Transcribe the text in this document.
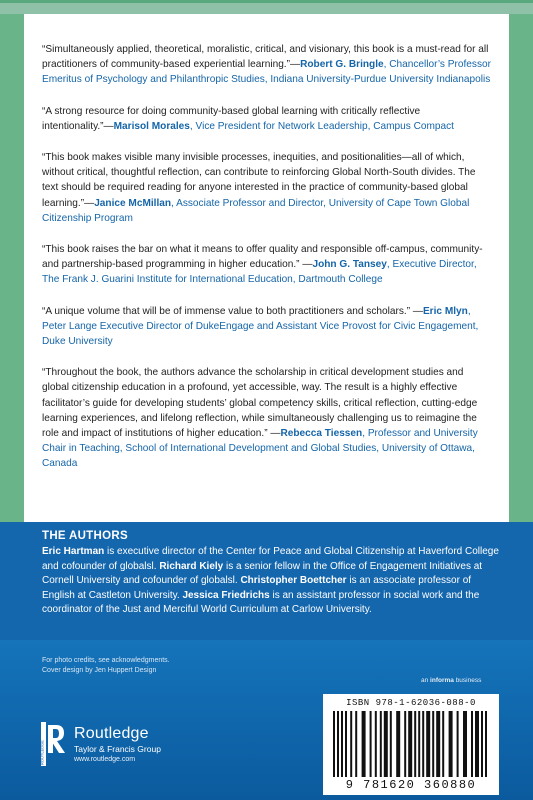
“Simultaneously applied, theoretical, moralistic, critical, and visionary, this book is a must-read for all practitioners of community-based experiential learning.”—Robert G. Bringle, Chancellor’s Professor Emeritus of Psychology and Philanthropic Studies, Indiana University-Purdue University Indianapolis

“A strong resource for doing community-based global learning with critically reflective intentionality.”—Marisol Morales, Vice President for Network Leadership, Campus Compact

“This book makes visible many invisible processes, inequities, and positionalities—all of which, without critical, thoughtful reflection, can contribute to reinforcing Global North-South divides. The text should be required reading for anyone interested in the practice of community-based global learning.”—Janice McMillan, Associate Professor and Director, University of Cape Town Global Citizenship Program

“This book raises the bar on what it means to offer quality and responsible off-campus, community- and partnership-based programming in higher education.” —John G. Tansey, Executive Director, The Frank J. Guarini Institute for International Education, Dartmouth College

“A unique volume that will be of immense value to both practitioners and scholars.” —Eric Mlyn, Peter Lange Executive Director of DukeEngage and Assistant Vice Provost for Civic Engagement, Duke University

“Throughout the book, the authors advance the scholarship in critical development studies and global citizenship education in a profound, yet accessible, way. The result is a highly effective facilitator’s guide for developing students’ global competency skills, critical reflection, cutting-edge learning experiences, and lifelong reflection, while simultaneously challenging us to reimagine the role and impact of institutions of higher education.” —Rebecca Tiessen, Professor and University Chair in Teaching, School of International Development and Global Studies, University of Ottawa, Canada

THE AUTHORS

Eric Hartman is executive director of the Center for Peace and Global Citizenship at Haverford College and cofounder of globalsl. Richard Kiely is a senior fellow in the Office of Engagement Initiatives at Cornell University and cofounder of globalsl. Christopher Boettcher is an associate professor of English at Castleton University. Jessica Friedrichs is an assistant professor in social work and the coordinator of the Just and Merciful World Curriculum at Carlow University.

For photo credits, see acknowledgments.
Cover design by Jen Huppert Design
an informa business
ROUTLEDGE
Routledge
Taylor & Francis Group
www.routledge.com
ISBN 978-1-62036-088-0
9 781620 360880
